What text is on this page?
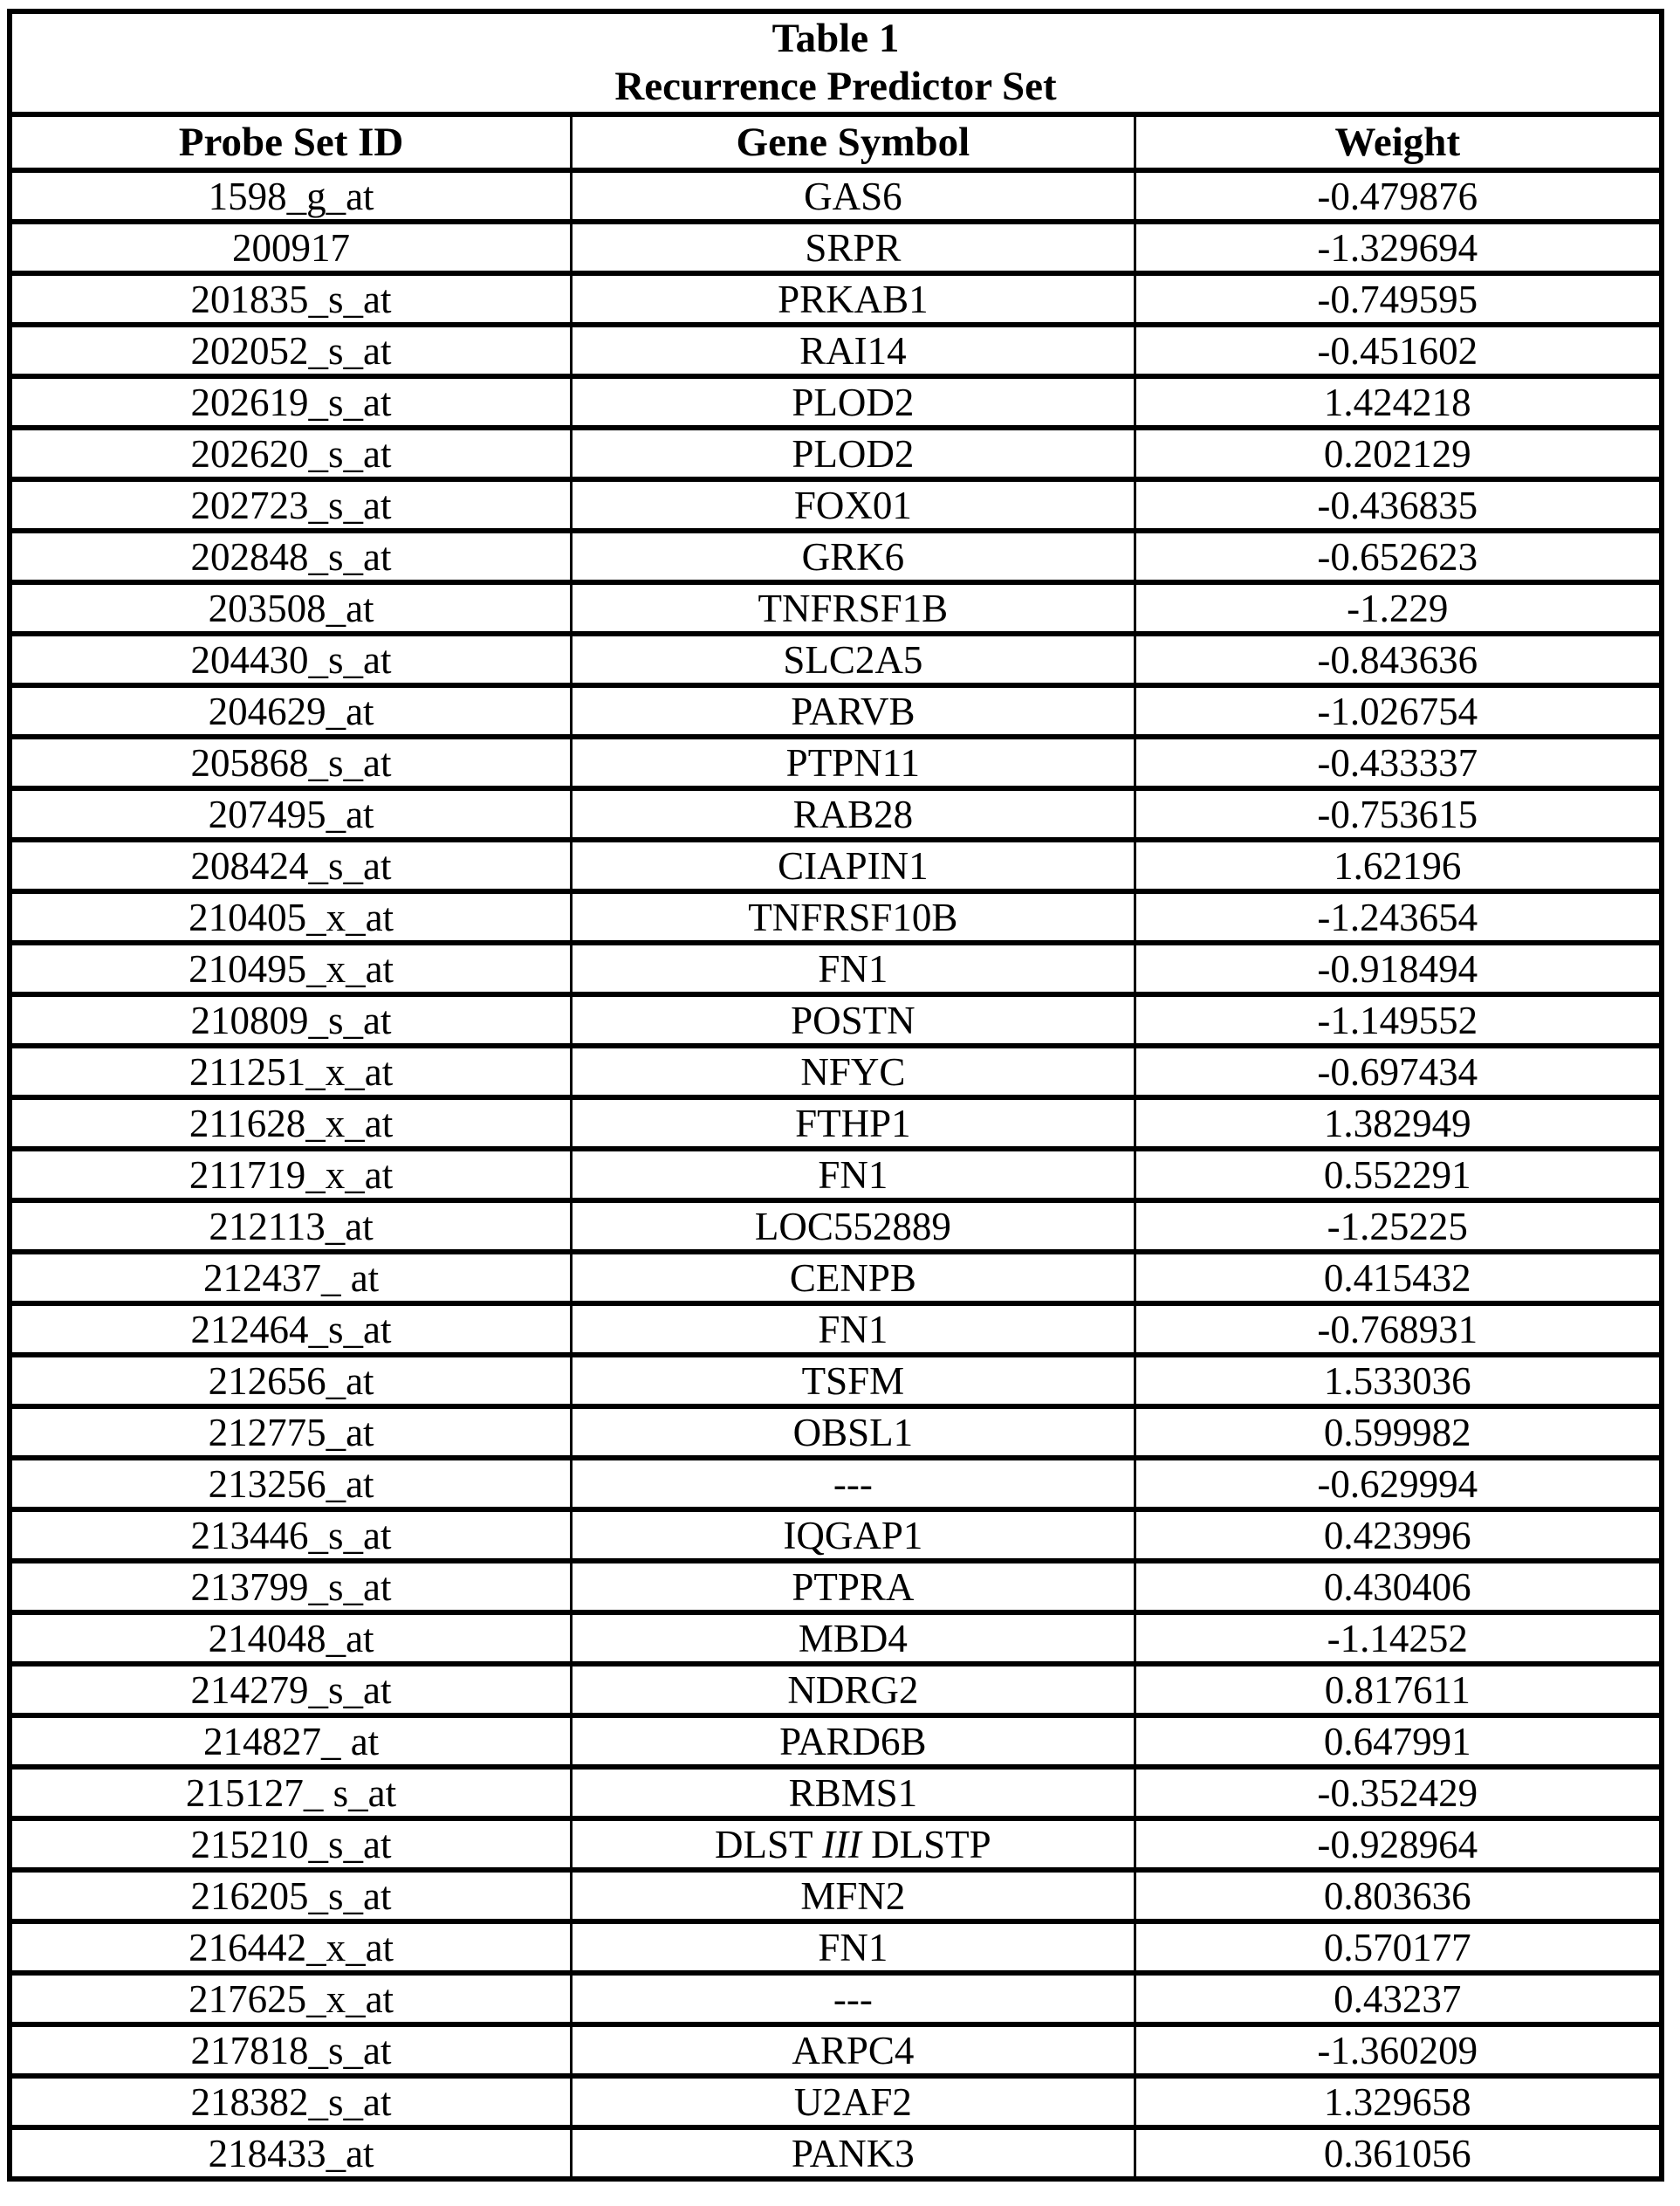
Table 1
Recurrence Predictor Set		

Probe Set ID	Gene Symbol	Weight
1598_g_at	GAS6	-0.479876
200917	SRPR	-1.329694
201835_s_at	PRKAB1	-0.749595
202052_s_at	RAI14	-0.451602
202619_s_at	PLOD2	1.424218
202620_s_at	PLOD2	0.202129
202723_s_at	FOX01	-0.436835
202848_s_at	GRK6	-0.652623
203508_at	TNFRSF1B	-1.229
204430_s_at	SLC2A5	-0.843636
204629_at	PARVB	-1.026754
205868_s_at	PTPN11	-0.433337
207495_at	RAB28	-0.753615
208424_s_at	CIAPIN1	1.62196
210405_x_at	TNFRSF10B	-1.243654
210495_x_at	FN1	-0.918494
210809_s_at	POSTN	-1.149552
211251_x_at	NFYC	-0.697434
211628_x_at	FTHP1	1.382949
211719_x_at	FN1	0.552291
212113_at	LOC552889	-1.25225
212437_ at	CENPB	0.415432
212464_s_at	FN1	-0.768931
212656_at	TSFM	1.533036
212775_at	OBSL1	0.599982
213256_at	---	-0.629994
213446_s_at	IQGAP1	0.423996
213799_s_at	PTPRA	0.430406
214048_at	MBD4	-1.14252
214279_s_at	NDRG2	0.817611
214827_ at	PARD6B	0.647991
215127_ s_at	RBMS1	-0.352429
215210_s_at	DLST III DLSTP	-0.928964
216205_s_at	MFN2	0.803636
216442_x_at	FN1	0.570177
217625_x_at	---	0.43237
217818_s_at	ARPC4	-1.360209
218382_s_at	U2AF2	1.329658
218433_at	PANK3	0.361056
